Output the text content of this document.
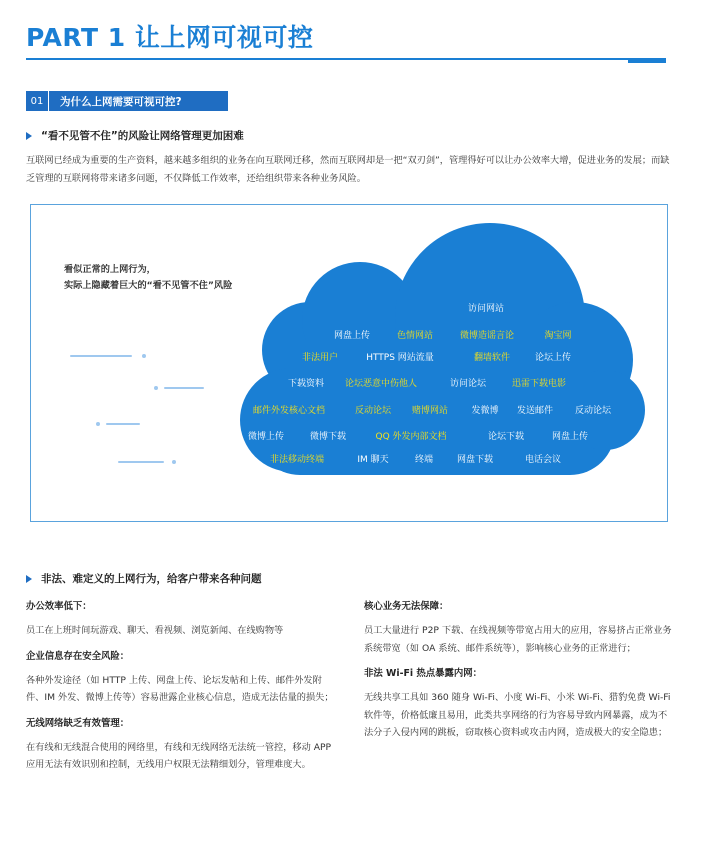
PART 1 让上网可视可控
01	为什么上网需要可视可控?
“看不见管不住”的风险让网络管理更加困难
互联网已经成为重要的生产资料，越来越多组织的业务在向互联网迁移，然而互联网却是一把“双刃剑”，管理得好可以让办公效率大增，促进业务的发展；而缺乏管理的互联网将带来诸多问题，不仅降低工作效率，还给组织带来各种业务风险。
看似正常的上网行为，
实际上隐藏着巨大的“看不见管不住”风险
访问网站
网盘上传	色情网站	微博造谣言论	淘宝网
非法用户	HTTPS 网站流量	翻墙软件	论坛上传
下载资料 论坛恶意中伤他人	访问论坛	迅雷下载电影
邮件外发核心文档	反动论坛 赌博网站	发微博 发送邮件 反动论坛
微博上传	微博下载	QQ 外发内部文档	论坛下载	网盘上传
非法移动终端	IM 聊天	终端	网盘下载	电话会议
非法、难定义的上网行为，给客户带来各种问题
办公效率低下：
员工在上班时间玩游戏、聊天、看视频、浏览新闻、在线购物等
企业信息存在安全风险：
各种外发途径（如 HTTP 上传、网盘上传、论坛发帖和上传、邮件外发附件、IM 外发、微博上传等）容易泄露企业核心信息，造成无法估量的损失；
无线网络缺乏有效管理：
在有线和无线混合使用的网络里，有线和无线网络无法统一管控，移动 APP 应用无法有效识别和控制，无线用户权限无法精细划分，管理难度大。
核心业务无法保障：
员工大量进行 P2P 下载、在线视频等带宽占用大的应用，容易挤占正常业务系统带宽（如 OA 系统、邮件系统等），影响核心业务的正常进行；
非法 Wi-Fi 热点暴露内网：
无线共享工具如 360 随身 Wi-Fi、小度 Wi-Fi、小米 Wi-Fi、猎豹免费 Wi-Fi 软件等，价格低廉且易用，此类共享网络的行为容易导致内网暴露，成为不法分子入侵内网的跳板，窃取核心资料或攻击内网，造成极大的安全隐患；
